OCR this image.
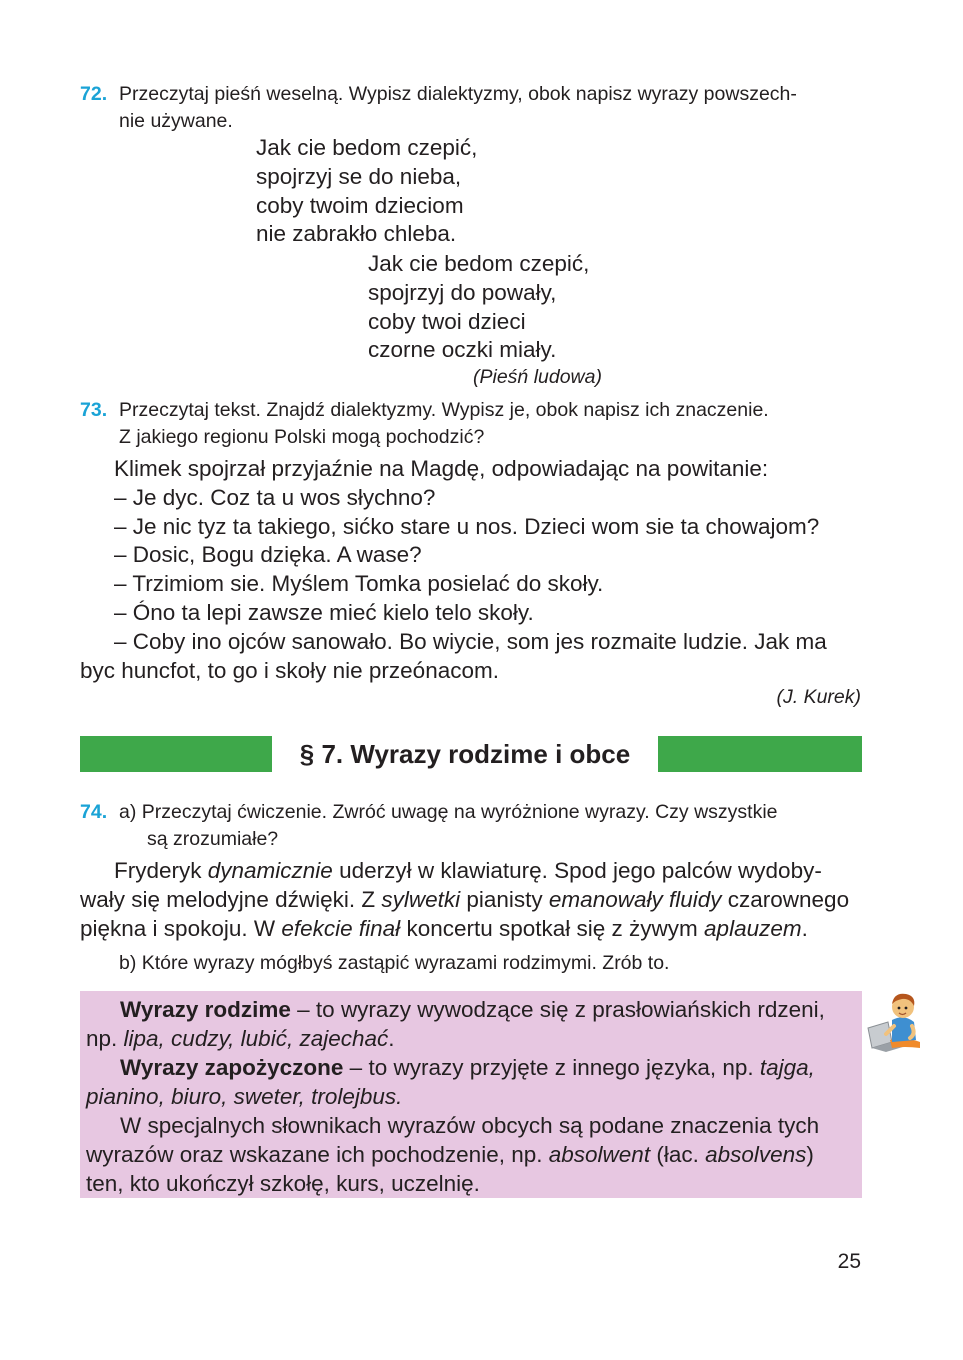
72. Przeczytaj pieśń weselną. Wypisz dialektyzmy, obok napisz wyrazy powszech-
nie używane.
Jak cie bedom czepić,
spojrzyj se do nieba,
coby twoim dzieciom
nie zabrakło chleba.
Jak cie bedom czepić,
spojrzyj do powały,
coby twoi dzieci
czorne oczki miały.
(Pieśń ludowa)
73. Przeczytaj tekst. Znajdź dialektyzmy. Wypisz je, obok napisz ich znaczenie.
Z jakiego regionu Polski mogą pochodzić?
Klimek spojrzał przyjaźnie na Magdę, odpowiadając na powitanie:
– Je dyc. Coz ta u wos słychno?
– Je nic tyz ta takiego, sićko stare u nos. Dzieci wom sie ta chowajom?
– Dosic, Bogu dzięka. A wase?
– Trzimiom sie. Myślem Tomka posielać do skoły.
– Óno ta lepi zawsze mieć kielo telo skoły.
– Coby ino ojców sanowało. Bo wiycie, som jes rozmaite ludzie. Jak ma
byc huncfot, to go i skoły nie przeónacom.
(J. Kurek)
§ 7. Wyrazy rodzime i obce
74. a) Przeczytaj ćwiczenie. Zwróć uwagę na wyróżnione wyrazy. Czy wszystkie
są zrozumiałe?

Fryderyk dynamicznie uderzył w klawiaturę. Spod jego palców wydoby-

wały się melodyjne dźwięki. Z sylwetki pianisty emanowały fluidy czarownego
piękna i spokoju. W efekcie finał koncertu spotkał się z żywym aplauzem.
b) Które wyrazy mógłbyś zastąpić wyrazami rodzimymi. Zrób to.

Wyrazy rodzime – to wyrazy wywodzące się z prasłowiańskich rdzeni,

np. lipa, cudzy, lubić, zajechać.

Wyrazy zapożyczone – to wyrazy przyjęte z innego języka, np. tajga,

pianino, biuro, sweter, trolejbus.

W specjalnych słownikach wyrazów obcych są podane znaczenia tych

wyrazów oraz wskazane ich pochodzenie, np. absolwent (łac. absolvens)
ten, kto ukończył szkołę, kurs, uczelnię.
25
